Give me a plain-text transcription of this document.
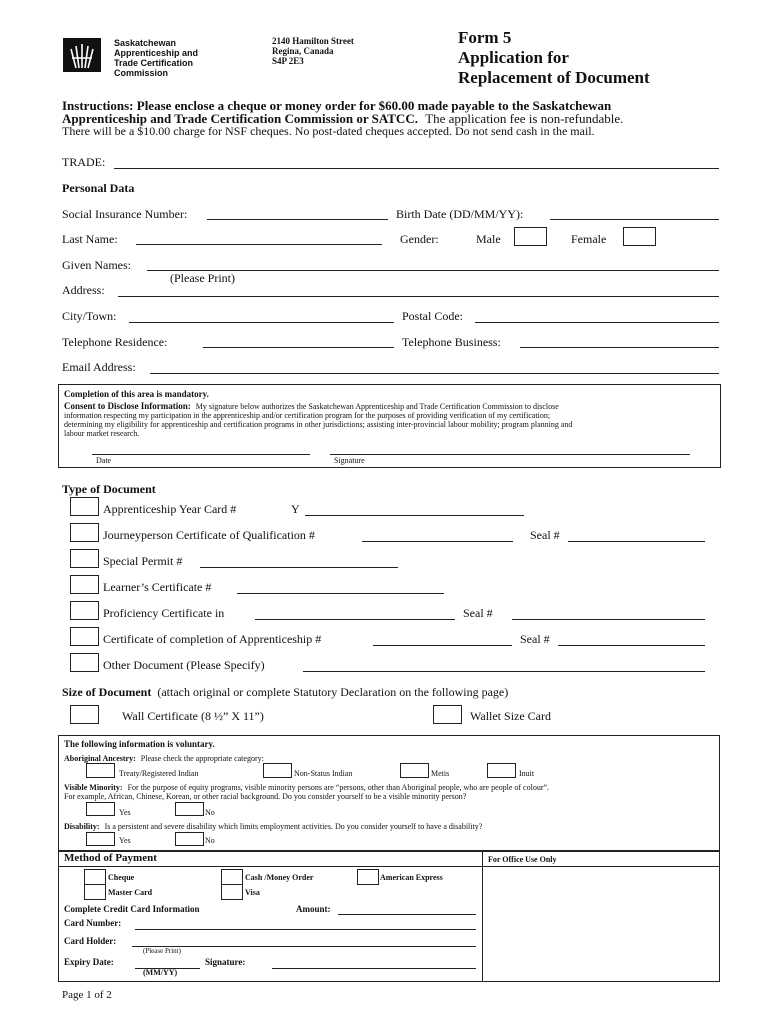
Saskatchewan
Apprenticeship and
Trade Certification
Commission
2140 Hamilton Street
Regina, Canada
S4P 2E3
Form 5
Application for
Replacement of Document
Instructions: Please enclose a cheque or money order for $60.00 made payable to the Saskatchewan
Apprenticeship and Trade Certification Commission or SATCC. The application fee is non-refundable.
There will be a $10.00 charge for NSF cheques. No post-dated cheques accepted. Do not send cash in the mail.
TRADE:
Personal Data
Social Insurance Number:	Birth Date (DD/MM/YY):
Last Name:	Gender:	Male	Female
Given Names:
(Please Print)
Address:
City/Town:	Postal Code:
Telephone Residence:	Telephone Business:
Email Address:
Completion of this area is mandatory.
Consent to Disclose Information: My signature below authorizes the Saskatchewan Apprenticeship and Trade Certification Commission to disclose
information respecting my participation in the apprenticeship and/or certification program for the purposes of providing verification of my certification;
determining my eligibility for apprenticeship and certification programs in other jurisdictions; assisting inter-provincial labour mobility; program planning and
labour market research.
Date	Signature
Type of Document
Apprenticeship Year Card #	Y
Journeyperson Certificate of Qualification #	Seal #
Special Permit #
Learner’s Certificate #
Proficiency Certificate in	Seal #
Certificate of completion of Apprenticeship #	Seal #
Other Document (Please Specify)
Size of Document (attach original or complete Statutory Declaration on the following page)
Wall Certificate (8 ½” X 11”)	Wallet Size Card
The following information is voluntary.
Aboriginal Ancestry: Please check the appropriate category:
Treaty/Registered Indian	Non-Status Indian	Metis	Inuit
Visible Minority: For the purpose of equity programs, visible minority persons are “persons, other than Aboriginal people, who are people of colour”.
For example, African, Chinese, Korean, or other racial background. Do you consider yourself to be a visible minority person?
Yes	No
Disability: Is a persistent and severe disability which limits employment activities. Do you consider yourself to have a disability?
Yes	No
Method of Payment	For Office Use Only
Cheque	Cash /Money Order	American Express
Master Card	Visa
Complete Credit Card Information	Amount:
Card Number:
Card Holder:
(Please Print)
Expiry Date:	Signature:
(MM/YY)
Page 1 of 2
